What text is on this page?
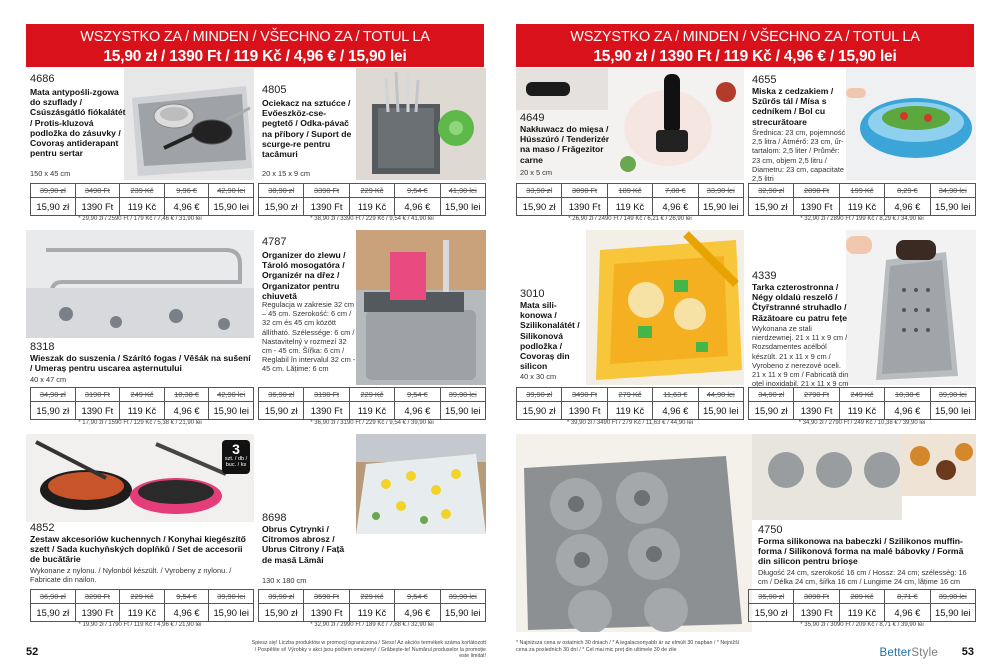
WSZYSTKO ZA / MINDEN / VŠECHNO ZA / TOTUL LA
15,90 zł / 1390 Ft / 119 Kč / 4,96 € / 15,90 lei
4686
Mata antypośli-zgowa do szuflady / Csúszásgátló fiókalátét / Protis-kluzová podložka do zásuvky / Covoraș antiderapant pentru sertar
150 x 45 cm
39,90 zł	3490 Ft	239 Kč	9,96 €	42,90 lei
15,90 zł	1390 Ft	119 Kč	4,96 €	15,90 lei
* 29,90 zł / 2590 Ft / 179 Kč / 7,46 € / 31,90 lei
4805
Ociekacz na sztućce / Evőeszköz-cse-pegtető / Odka-pávač na příbory / Suport de scurge-re pentru tacâmuri
20 x 15 x 9 cm
38,90 zł	3390 Ft	229 Kč	9,54 €	41,90 lei
15,90 zł	1390 Ft	119 Kč	4,96 €	15,90 lei
* 38,90 zł / 3390 Ft / 229 Kč / 9,54 € / 41,90 lei
8318
Wieszak do suszenia / Szárító fogas / Věšák na sušení / Umeraș pentru uscarea așternutului
40 x 47 cm
34,90 zł	3190 Ft	249 Kč	10,38 €	42,90 lei
15,90 zł	1390 Ft	119 Kč	4,96 €	15,90 lei
* 17,90 zł / 1590 Ft / 129 Kč / 5,38 € / 21,90 lei
4787
Organizer do zlewu / Tároló mosogatóra / Organizér na dřez / Organizator pentru chiuvetă
Regulacja w zakresie 32 cm – 45 cm. Szerokość: 6 cm / 32 cm és 45 cm között állítható. Szélessége: 6 cm / Nastavitelný v rozmezí 32 cm - 45 cm. Šířka: 6 cm / Reglabil în intervalul 32 cm - 45 cm. Lățime: 6 cm
36,90 zł	3190 Ft	229 Kč	9,54 €	39,90 lei
15,90 zł	1390 Ft	119 Kč	4,96 €	15,90 lei
* 36,90 zł / 3190 Ft / 229 Kč / 9,54 € / 39,90 lei
3
szt. / db / buc. / ks
4852
Zestaw akcesoriów kuchennych / Konyhai kiegészítő szett / Sada kuchyňských doplňků / Set de accesorii de bucătărie
Wykonane z nylonu. / Nylonból készült. / Vyrobeny z nylonu. / Fabricate din nailon.
36,90 zł	3290 Ft	229 Kč	9,54 €	39,90 lei
15,90 zł	1390 Ft	119 Kč	4,96 €	15,90 lei
* 19,90 zł / 1790 Ft / 119 Kč / 4,96 € / 21,90 lei
8698
Obrus Cytrynki / Citromos abrosz / Ubrus Citrony / Față de masă Lămâi
130 x 180 cm
39,90 zł	3590 Ft	229 Kč	9,54 €	39,90 lei
15,90 zł	1390 Ft	119 Kč	4,96 €	15,90 lei
* 32,90 zł / 2990 Ft / 189 Kč / 7,88 € / 32,90 lei
52
Spiesz się! Liczba produktów w promocji ograniczona / Siess! Az akciós termékek száma korlátozott / Pospěšte si! Výrobky v akci jsou počtem omezeny! / Grăbește-te! Numărul produselor la promoție este limitat!
WSZYSTKO ZA / MINDEN / VŠECHNO ZA / TOTUL LA
15,90 zł / 1390 Ft / 119 Kč / 4,96 € / 15,90 lei
4649
Nakłuwacz do mięsa / Hússzúró / Tenderizér na maso / Frăgezitor carne
20 x 5 cm
33,90 zł	3090 Ft	189 Kč	7,88 €	33,90 lei
15,90 zł	1390 Ft	119 Kč	4,96 €	15,90 lei
* 26,90 zł / 2490 Ft / 149 Kč / 6,21 € / 26,90 lei
4655
Miska z cedzakiem / Szűrős tál / Mísa s cedníkem / Bol cu strecurătoare
Średnica: 23 cm, pojemność 2,5 litra / Átmérő: 23 cm, űr-tartalom: 2,5 liter / Průměr: 23 cm, objem 2,5 litru / Diametru: 23 cm, capacitate 2,5 litri
32,90 zł	2890 Ft	199 Kč	8,29 €	34,90 lei
15,90 zł	1390 Ft	119 Kč	4,96 €	15,90 lei
* 32,90 zł / 2890 Ft / 199 Kč / 8,29 € / 34,90 lei
3010
Mata sili-konowa / Szilikonalátét / Silikonová podložka / Covoraș din silicon
40 x 30 cm
39,90 zł	3490 Ft	279 Kč	11,63 €	44,90 lei
15,90 zł	1390 Ft	119 Kč	4,96 €	15,90 lei
* 39,90 zł / 3490 Ft / 279 Kč / 11,63 € / 44,90 lei
4339
Tarka czterostronna / Négy oldalú reszelő / Čtyřstranné struhadlo / Răzătoare cu patru fețe
Wykonana ze stali nierdzewnej. 21 x 11 x 9 cm / Rozsdamentes acélból készült. 21 x 11 x 9 cm / Vyrobeno z nerezové oceli. 21 x 11 x 9 cm / Fabricată din oțel inoxidabil. 21 x 11 x 9 cm
34,90 zł	2790 Ft	249 Kč	10,38 €	39,90 lei
15,90 zł	1390 Ft	119 Kč	4,96 €	15,90 lei
* 34,90 zł / 2790 Ft / 249 Kč / 10,38 € / 39,90 lei
4750
Forma silikonowa na babeczki / Szilikonos muffin-forma / Silikonová forma na malé bábovky / Formă din silicon pentru brioșe
Długość 24 cm, szerokość 16 cm / Hossz: 24 cm; szélesség: 16 cm / Délka 24 cm, šířka 16 cm / Lungime 24 cm, lățime 16 cm
35,90 zł	3090 Ft	209 Kč	8,71 €	39,90 lei
15,90 zł	1390 Ft	119 Kč	4,96 €	15,90 lei
* 35,90 zł / 3090 Ft / 209 Kč / 8,71 € / 39,90 lei
* Najniższa cena w ostatnich 30 dniach / * A legalacsonyabb ár az elmúlt 30 napban / * Nejnižší cena za posledních 30 dní / * Cel mai mic preț din ultimele 30 de zile	BetterStyle 53
